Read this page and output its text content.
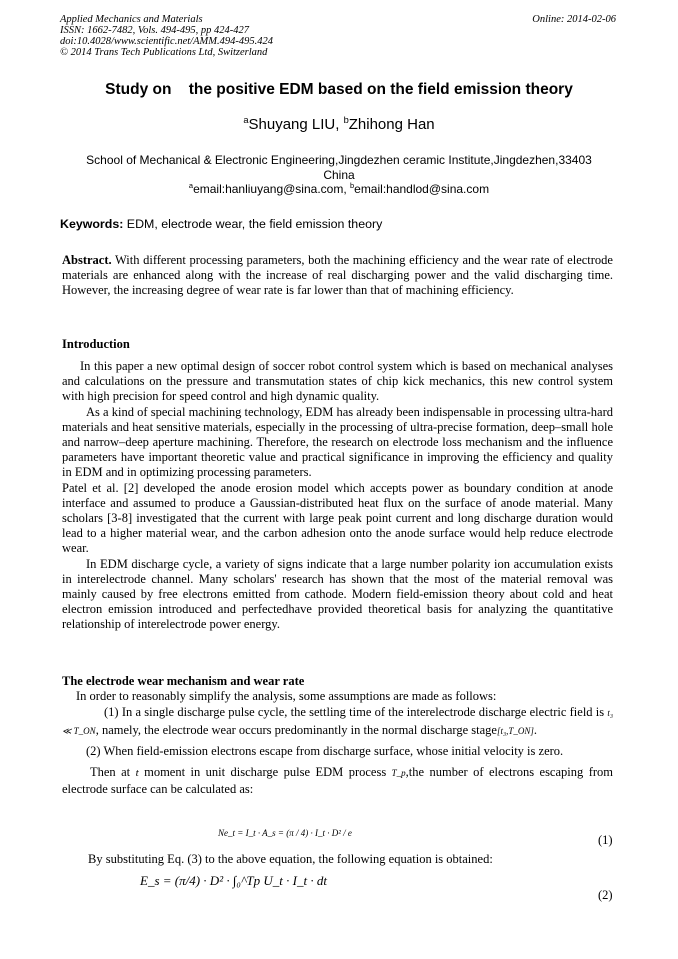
Applied Mechanics and Materials
ISSN: 1662-7482, Vols. 494-495, pp 424-427
doi:10.4028/www.scientific.net/AMM.494-495.424
© 2014 Trans Tech Publications Ltd, Switzerland
Online: 2014-02-06
Study on    the positive EDM based on the field emission theory
$^a$Shuyang LIU, $^b$Zhihong Han
School of Mechanical & Electronic Engineering,Jingdezhen ceramic Institute,Jingdezhen,33403
China
$^a$email:hanliuyang@sina.com, $^b$email:handlod@sina.com
Keywords: EDM, electrode wear, the field emission theory
Abstract. With different processing parameters, both the machining efficiency and the wear rate of electrode materials are enhanced along with the increase of real discharging power and the valid discharging time. However, the increasing degree of wear rate is far lower than that of machining efficiency.
Introduction

In this paper a new optimal design of soccer robot control system which is based on mechanical analyses and calculations on the pressure and transmutation states of chip kick mechanics, this new control system with high precision for speed control and high dynamic quality.

As a kind of special machining technology, EDM has already been indispensable in processing ultra-hard materials and heat sensitive materials, especially in the processing of ultra-precise formation, deep–small hole and narrow–deep aperture machining. Therefore, the research on electrode loss mechanism and the influence parameters have important theoretic value and practical significance in improving the efficiency and quality in EDM and in optimizing processing parameters.

Patel et al. [2] developed the anode erosion model which accepts power as boundary condition at anode interface and assumed to produce a Gaussian-distributed heat flux on the surface of anode material. Many scholars [3-8] investigated that the current with large peak point current and long discharge duration would lead to a higher material wear, and the carbon adhesion onto the anode surface would help reduce electrode wear.

In EDM discharge cycle, a variety of signs indicate that a large number polarity ion accumulation exists in interelectrode channel. Many scholars' research has shown that the most of the material removal was mainly caused by free electrons emitted from cathode. Modern field-emission theory about cold and heat electron emission introduced and perfectedhave provided theoretical basis for analyzing the quantitative relationship of interelectrode power energy.

The electrode wear mechanism and wear rate

In order to reasonably simplify the analysis, some assumptions are made as follows:

(1) In a single discharge pulse cycle, the settling time of the interelectrode discharge electric field is t₃ ≪ T_ON, namely, the electrode wear occurs predominantly in the normal discharge stage[t₃,T_ON].

(2) When field-emission electrons escape from discharge surface, whose initial velocity is zero.

Then at t moment in unit discharge pulse EDM process T_p,the number of electrons escaping from electrode surface can be calculated as:

Ne_t = I_t · A_s = (π / 4) · I_t · D² / e	(1)
By substituting Eq. (3) to the above equation, the following equation is obtained:
E_s = (π/4) · D² · ∫₀^Tp U_t · I_t · dt
(2)
